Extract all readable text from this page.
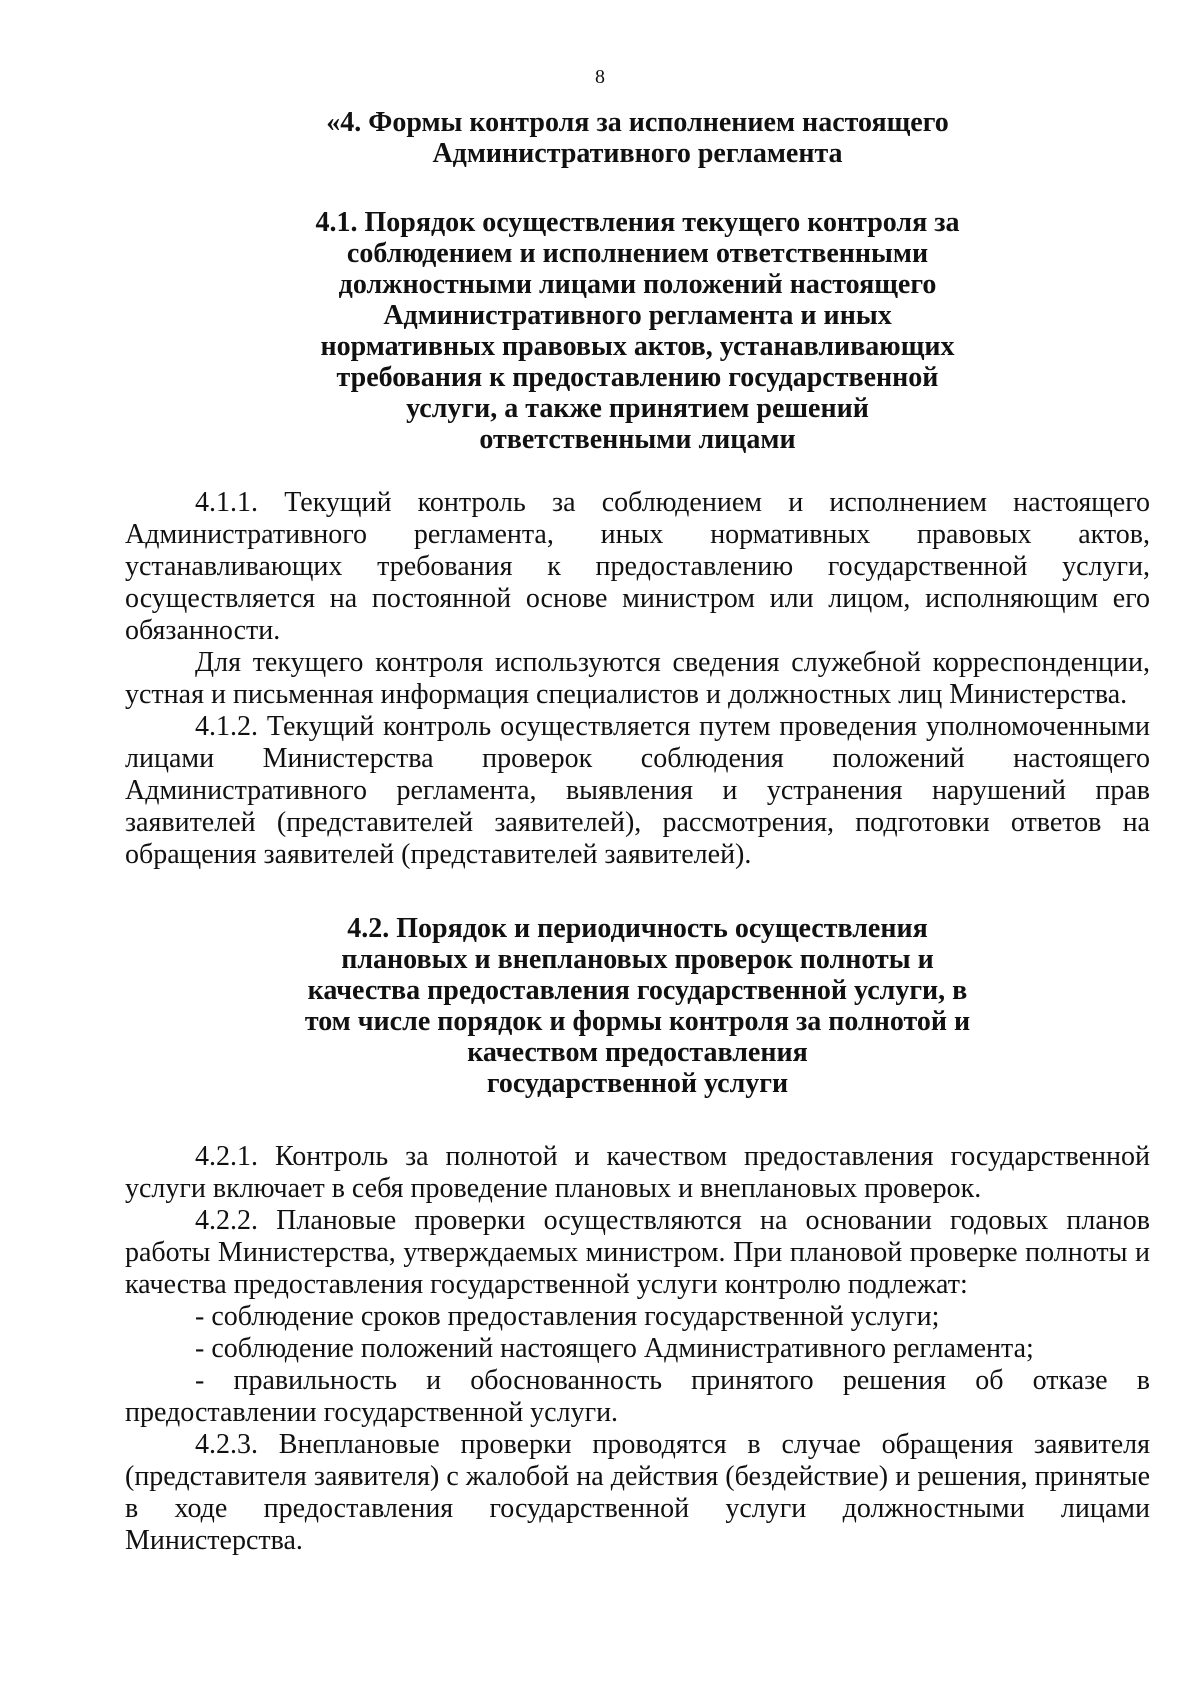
8
«4. Формы контроля за исполнением настоящего
Административного регламента
4.1. Порядок осуществления текущего контроля за
соблюдением и исполнением ответственными
должностными лицами положений настоящего
Административного регламента и иных
нормативных правовых актов, устанавливающих
требования к предоставлению государственной
услуги, а также принятием решений
ответственными лицами

4.1.1. Текущий контроль за соблюдением и исполнением настоящего Административного регламента, иных нормативных правовых актов, устанавливающих требования к предоставлению государственной услуги, осуществляется на постоянной основе министром или лицом, исполняющим его обязанности.

Для текущего контроля используются сведения служебной корреспонденции, устная и письменная информация специалистов и должностных лиц Министерства.

4.1.2. Текущий контроль осуществляется путем проведения уполномоченными лицами Министерства проверок соблюдения положений настоящего Административного регламента, выявления и устранения нарушений прав заявителей (представителей заявителей), рассмотрения, подготовки ответов на обращения заявителей (представителей заявителей).

4.2. Порядок и периодичность осуществления
плановых и внеплановых проверок полноты и
качества предоставления государственной услуги, в
том числе порядок и формы контроля за полнотой и
качеством предоставления
государственной услуги

4.2.1. Контроль за полнотой и качеством предоставления государственной услуги включает в себя проведение плановых и внеплановых проверок.

4.2.2. Плановые проверки осуществляются на основании годовых планов работы Министерства, утверждаемых министром. При плановой проверке полноты и качества предоставления государственной услуги контролю подлежат:

- соблюдение сроков предоставления государственной услуги;

- соблюдение положений настоящего Административного регламента;

- правильность и обоснованность принятого решения об отказе в предоставлении государственной услуги.

4.2.3. Внеплановые проверки проводятся в случае обращения заявителя (представителя заявителя) с жалобой на действия (бездействие) и решения, принятые в ходе предоставления государственной услуги должностными лицами Министерства.
